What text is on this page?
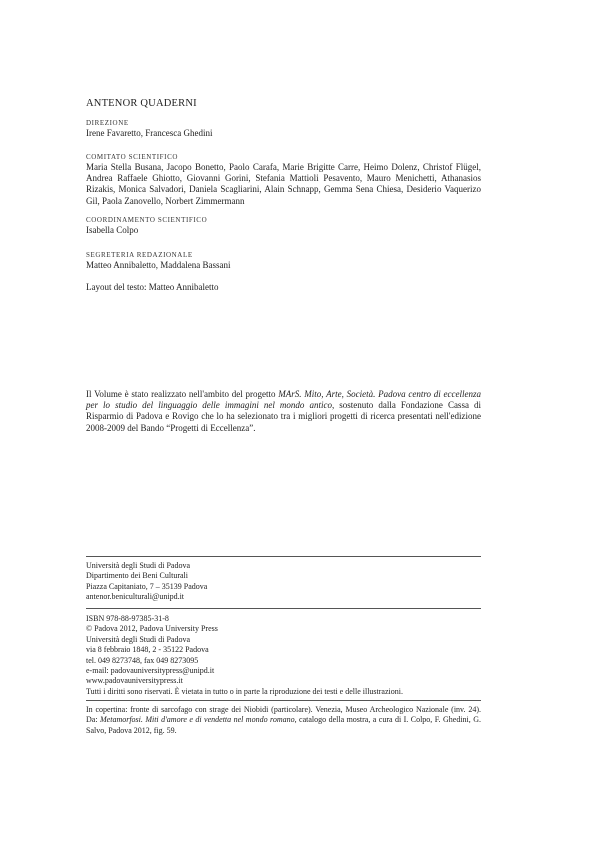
ANTENOR QUADERNI
DIREZIONE
Irene Favaretto, Francesca Ghedini
COMITATO SCIENTIFICO
Maria Stella Busana, Jacopo Bonetto, Paolo Carafa, Marie Brigitte Carre, Heimo Dolenz, Christof Flügel, Andrea Raffaele Ghiotto, Giovanni Gorini, Stefania Mattioli Pesavento, Mauro Menichetti, Athanasios Rizakis, Monica Salvadori, Daniela Scagliarini, Alain Schnapp, Gemma Sena Chiesa, Desiderio Vaquerizo Gil, Paola Zanovello, Norbert Zimmermann
COORDINAMENTO SCIENTIFICO
Isabella Colpo
SEGRETERIA REDAZIONALE
Matteo Annibaletto, Maddalena Bassani
Layout del testo: Matteo Annibaletto
Il Volume è stato realizzato nell'ambito del progetto MArS. Mito, Arte, Società. Padova centro di eccellenza per lo studio del linguaggio delle immagini nel mondo antico, sostenuto dalla Fondazione Cassa di Risparmio di Padova e Rovigo che lo ha selezionato tra i migliori progetti di ricerca presentati nell'edizione 2008-2009 del Bando “Progetti di Eccellenza”.
Università degli Studi di Padova
Dipartimento dei Beni Culturali
Piazza Capitaniato, 7 – 35139 Padova
antenor.beniculturali@unipd.it
ISBN 978-88-97385-31-8
© Padova 2012, Padova University Press
Università degli Studi di Padova
via 8 febbraio 1848, 2 - 35122 Padova
tel. 049 8273748, fax 049 8273095
e-mail: padovauniversitypress@unipd.it
www.padovauniversitypress.it
Tutti i diritti sono riservati. È vietata in tutto o in parte la riproduzione dei testi e delle illustrazioni.
In copertina: fronte di sarcofago con strage dei Niobidi (particolare). Venezia, Museo Archeologico Nazionale (inv. 24). Da: Metamorfosi. Miti d'amore e di vendetta nel mondo romano, catalogo della mostra, a cura di I. Colpo, F. Ghedini, G. Salvo, Padova 2012, fig. 59.
